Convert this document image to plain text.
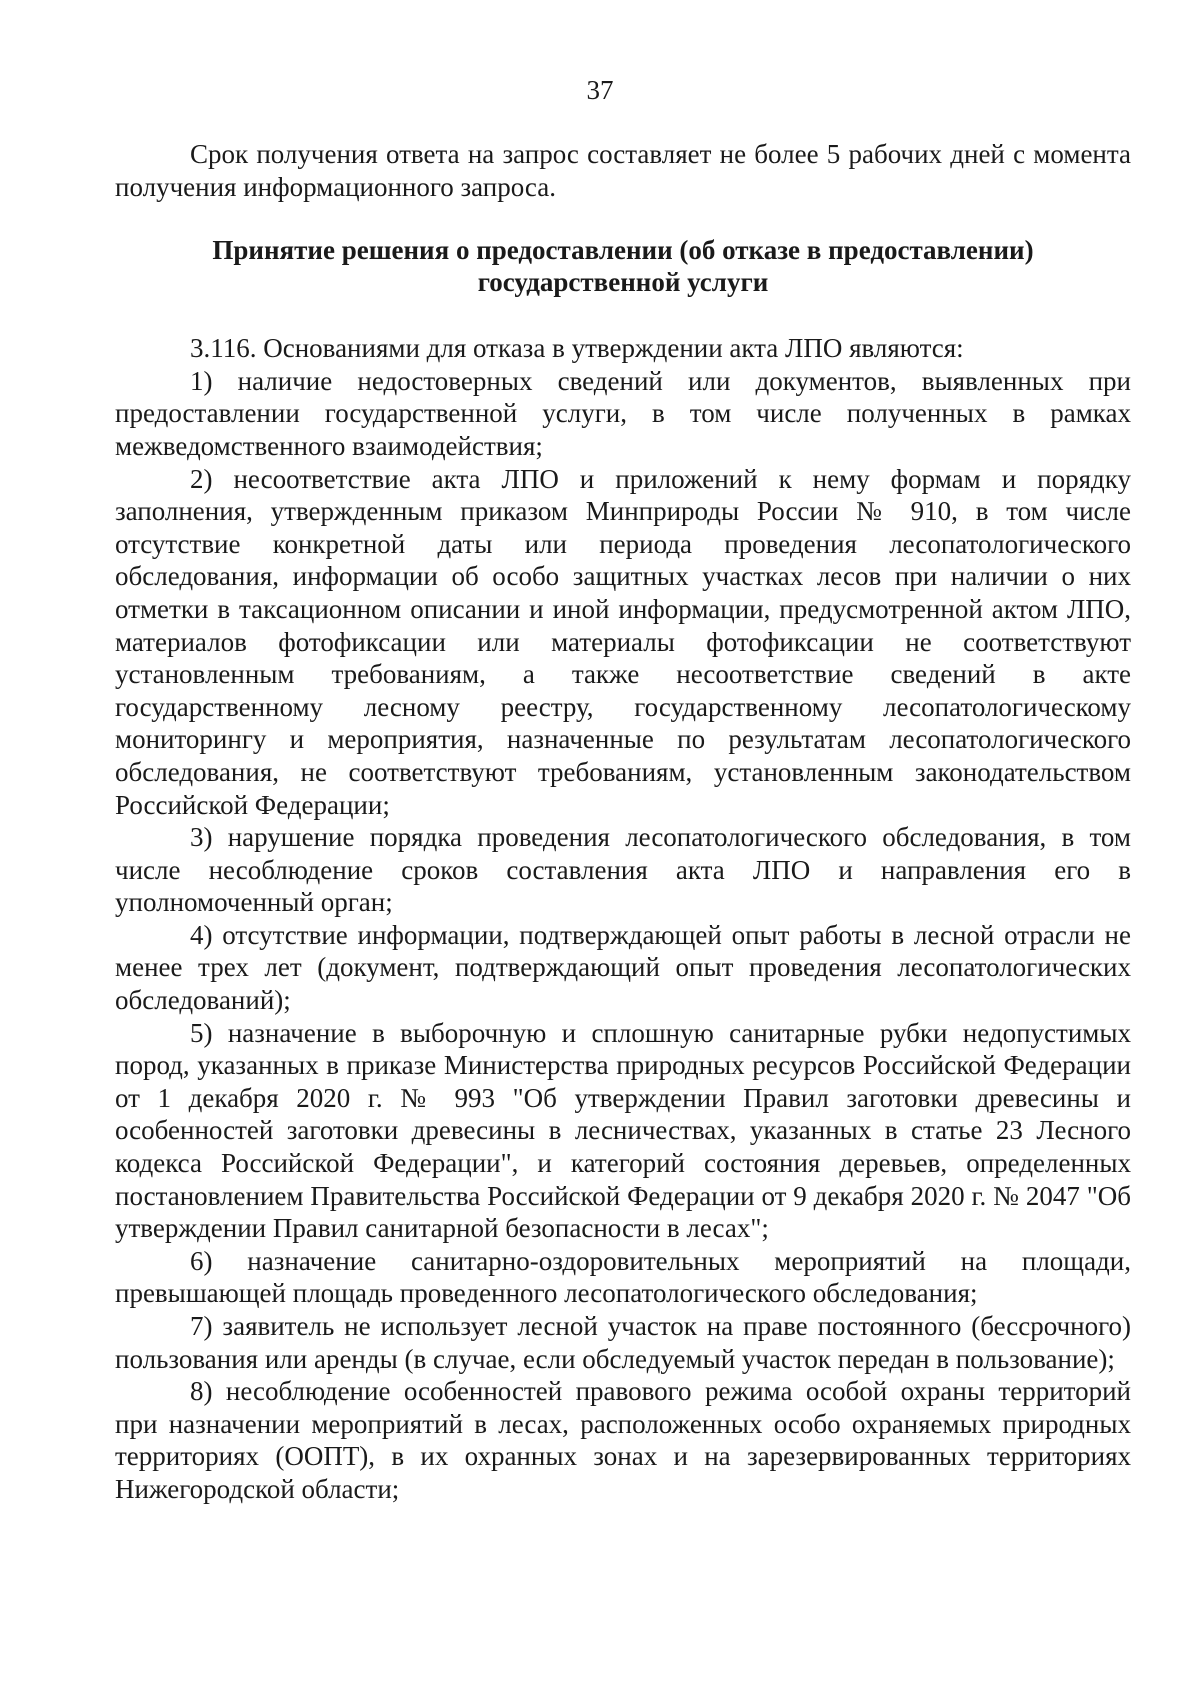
37

Срок получения ответа на запрос составляет не более 5 рабочих дней с момента получения информационного запроса.

Принятие решения о предоставлении (об отказе в предоставлении)
государственной услуги

3.116. Основаниями для отказа в утверждении акта ЛПО являются:

1) наличие недостоверных сведений или документов, выявленных при предоставлении государственной услуги, в том числе полученных в рамках межведомственного взаимодействия;

2) несоответствие акта ЛПО и приложений к нему формам и порядку заполнения, утвержденным приказом Минприроды России № 910, в том числе отсутствие конкретной даты или периода проведения лесопатологического обследования, информации об особо защитных участках лесов при наличии о них отметки в таксационном описании и иной информации, предусмотренной актом ЛПО, материалов фотофиксации или материалы фотофиксации не соответствуют установленным требованиям, а также несоответствие сведений в акте государственному лесному реестру, государственному лесопатологическому мониторингу и мероприятия, назначенные по результатам лесопатологического обследования, не соответствуют требованиям, установленным законодательством Российской Федерации;

3) нарушение порядка проведения лесопатологического обследования, в том числе несоблюдение сроков составления акта ЛПО и направления его в уполномоченный орган;

4) отсутствие информации, подтверждающей опыт работы в лесной отрасли не менее трех лет (документ, подтверждающий опыт проведения лесопатологических обследований);

5) назначение в выборочную и сплошную санитарные рубки недопустимых пород, указанных в приказе Министерства природных ресурсов Российской Федерации от 1 декабря 2020 г. № 993 "Об утверждении Правил заготовки древесины и особенностей заготовки древесины в лесничествах, указанных в статье 23 Лесного кодекса Российской Федерации", и категорий состояния деревьев, определенных постановлением Правительства Российской Федерации от 9 декабря 2020 г. № 2047 "Об утверждении Правил санитарной безопасности в лесах";

6) назначение санитарно-оздоровительных мероприятий на площади, превышающей площадь проведенного лесопатологического обследования;

7) заявитель не использует лесной участок на праве постоянного (бессрочного) пользования или аренды (в случае, если обследуемый участок передан в пользование);

8) несоблюдение особенностей правового режима особой охраны территорий при назначении мероприятий в лесах, расположенных особо охраняемых природных территориях (ООПТ), в их охранных зонах и на зарезервированных территориях Нижегородской области;
